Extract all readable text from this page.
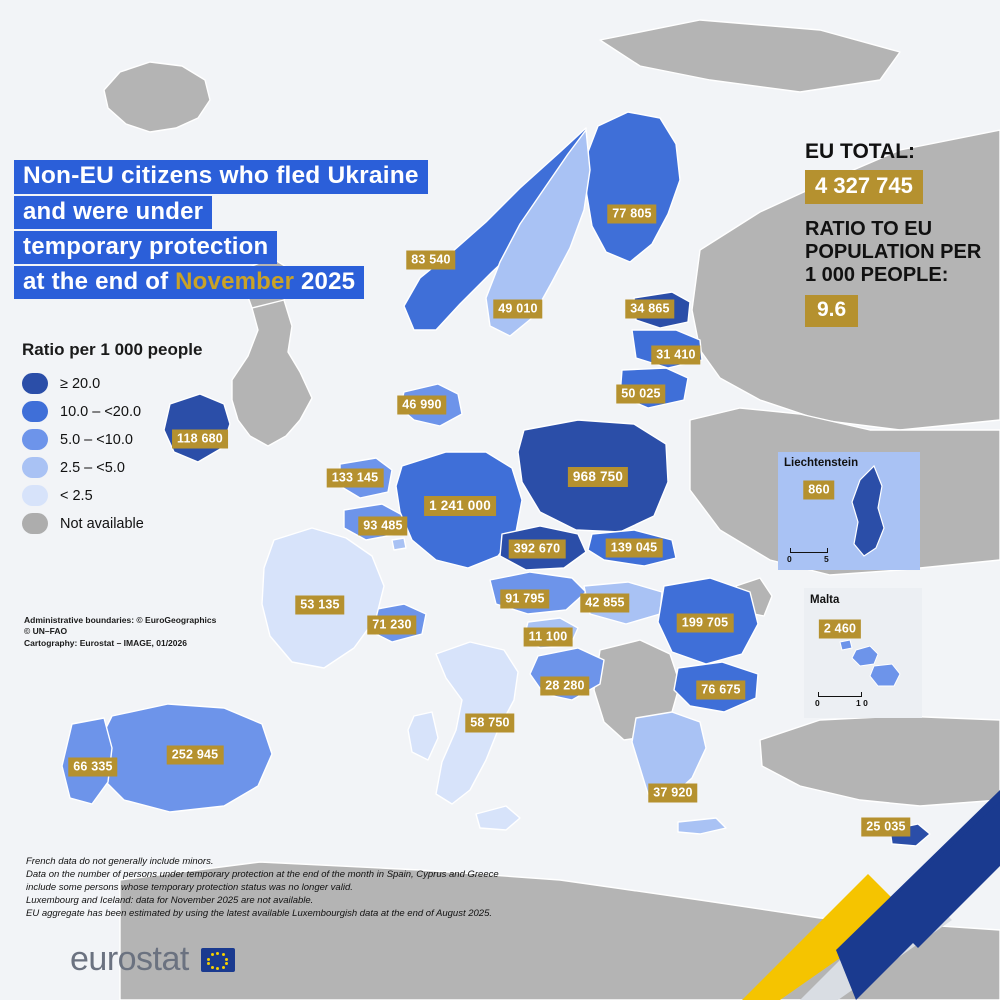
Non-EU citizens who fled Ukraine
and were under
temporary protection
at the end of November 2025
Ratio per 1 000 people
≥ 20.0
10.0 – <20.0
5.0 – <10.0
2.5 – <5.0
< 2.5
Not available
Administrative boundaries: © EuroGeographics
© UN–FAO
Cartography: Eurostat – IMAGE, 01/2026
EU TOTAL:
4 327 745
RATIO TO EU POPULATION PER 1 000 PEOPLE:
9.6
Liechtenstein
860
0	5
Malta
2 460
0	1 0
77 805
83 540
49 010	34 865
31 410
50 025
46 990
118 680
968 750
133 145
1 241 000
93 485
392 670	139 045
91 795	42 855
53 135
71 230
11 100
199 705
28 280	76 675
58 750
66 335
252 945
37 920
25 035
French data do not generally include minors.
Data on the number of persons under temporary protection at the end of the month in Spain, Cyprus and Greece
include some persons whose temporary protection status was no longer valid.
Luxembourg and Iceland: data for November 2025 are not available.
EU aggregate has been estimated by using the latest available Luxembourgish data at the end of August 2025.
eurostat
